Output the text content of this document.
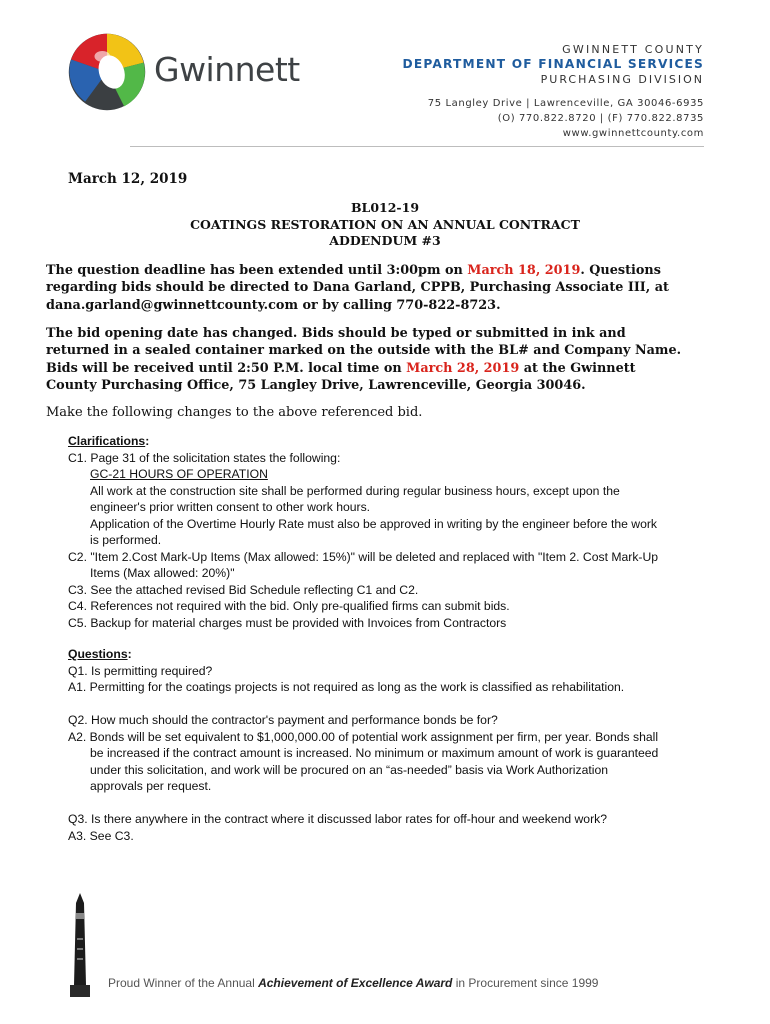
Gwinnett
GWINNETT COUNTY
DEPARTMENT OF FINANCIAL SERVICES
PURCHASING DIVISION
75 Langley Drive | Lawrenceville, GA 30046-6935
(O) 770.822.8720 | (F) 770.822.8735
www.gwinnettcounty.com
March 12, 2019
BL012-19
COATINGS RESTORATION ON AN ANNUAL CONTRACT
ADDENDUM #3
The question deadline has been extended until 3:00pm on March 18, 2019. Questions regarding bids should be directed to Dana Garland, CPPB, Purchasing Associate III, at dana.garland@gwinnettcounty.com or by calling 770-822-8723.
The bid opening date has changed. Bids should be typed or submitted in ink and returned in a sealed container marked on the outside with the BL# and Company Name. Bids will be received until 2:50 P.M. local time on March 28, 2019 at the Gwinnett County Purchasing Office, 75 Langley Drive, Lawrenceville, Georgia 30046.
Make the following changes to the above referenced bid.
Clarifications:
C1. Page 31 of the solicitation states the following:
GC-21 HOURS OF OPERATION
All work at the construction site shall be performed during regular business hours, except upon the
engineer's prior written consent to other work hours.
Application of the Overtime Hourly Rate must also be approved in writing by the engineer before the work
is performed.
C2. "Item 2.Cost Mark-Up Items (Max allowed: 15%)" will be deleted and replaced with "Item 2. Cost Mark-Up
Items (Max allowed: 20%)"
C3. See the attached revised Bid Schedule reflecting C1 and C2.
C4. References not required with the bid. Only pre-qualified firms can submit bids.
C5. Backup for material charges must be provided with Invoices from Contractors
Questions:
Q1. Is permitting required?
A1. Permitting for the coatings projects is not required as long as the work is classified as rehabilitation.
Q2. How much should the contractor's payment and performance bonds be for?
A2. Bonds will be set equivalent to $1,000,000.00 of potential work assignment per firm, per year. Bonds shall
be increased if the contract amount is increased. No minimum or maximum amount of work is guaranteed
under this solicitation, and work will be procured on an “as-needed” basis via Work Authorization
approvals per request.
Q3. Is there anywhere in the contract where it discussed labor rates for off-hour and weekend work?
A3. See C3.
Proud Winner of the Annual Achievement of Excellence Award in Procurement since 1999
